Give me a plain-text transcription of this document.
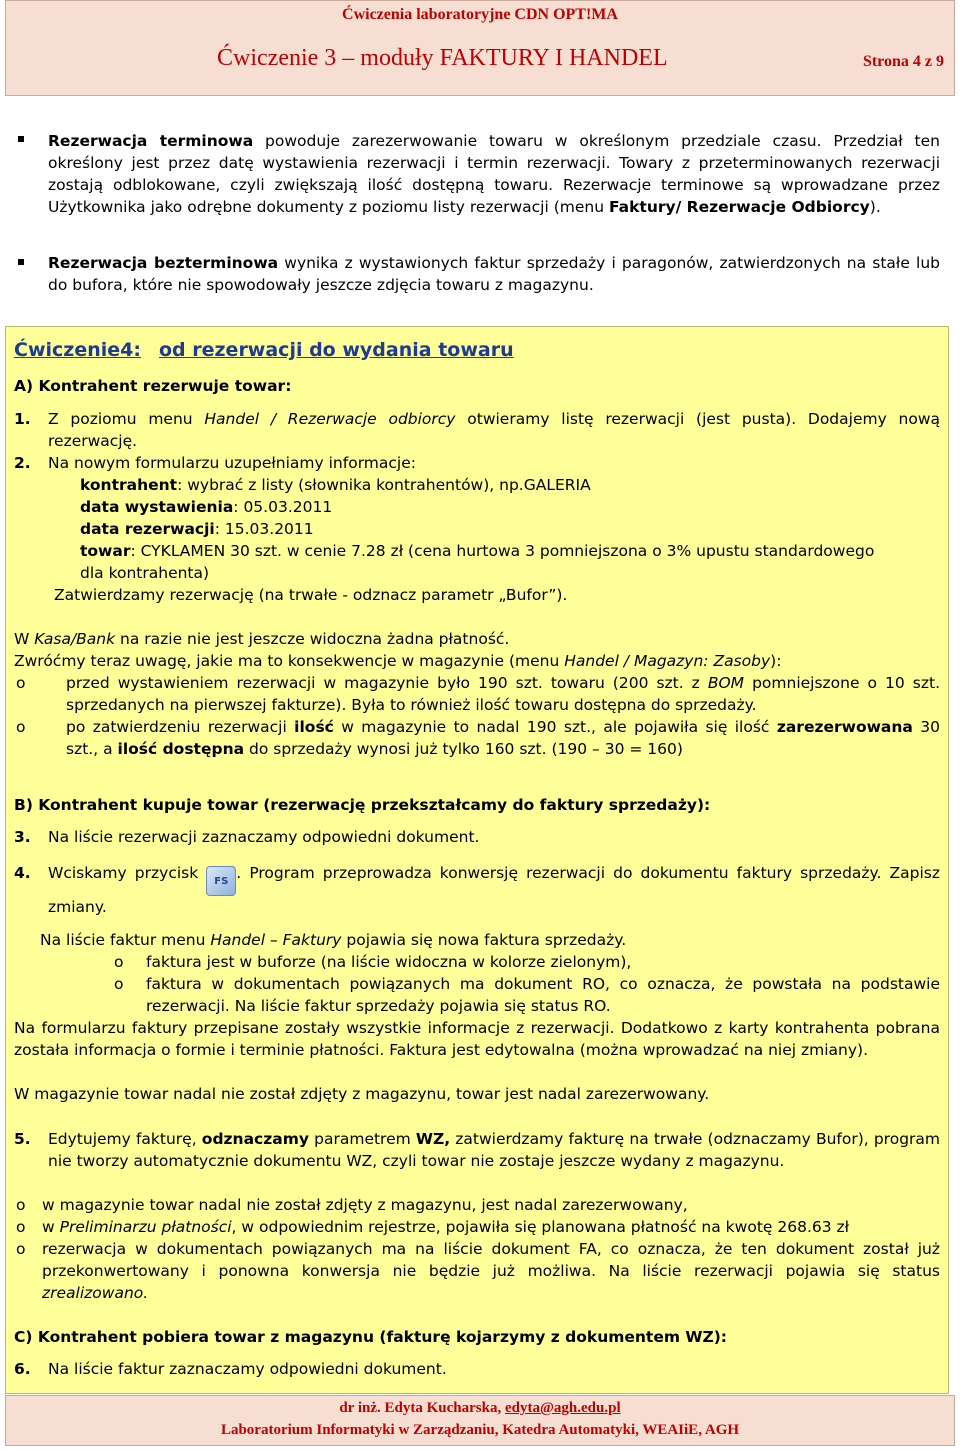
Ćwiczenia laboratoryjne CDN OPT!MA
Ćwiczenie 3 – moduły FAKTURY I HANDEL	Strona 4 z 9
Rezerwacja terminowa powoduje zarezerwowanie towaru w określonym przedziale czasu. Przedział ten określony jest przez datę wystawienia rezerwacji i termin rezerwacji. Towary z przeterminowanych rezerwacji zostają odblokowane, czyli zwiększają ilość dostępną towaru. Rezerwacje terminowe są wprowadzane przez Użytkownika jako odrębne dokumenty z poziomu listy rezerwacji (menu Faktury/ Rezerwacje Odbiorcy).
Rezerwacja bezterminowa wynika z wystawionych faktur sprzedaży i paragonów, zatwierdzonych na stałe lub do bufora, które nie spowodowały jeszcze zdjęcia towaru z magazynu.
Ćwiczenie4: od rezerwacji do wydania towaru
A) Kontrahent rezerwuje towar:
1. Z poziomu menu Handel / Rezerwacje odbiorcy otwieramy listę rezerwacji (jest pusta). Dodajemy nową rezerwację.
2. Na nowym formularzu uzupełniamy informacje:
kontrahent: wybrać z listy (słownika kontrahentów), np.GALERIA
data wystawienia: 05.03.2011
data rezerwacji: 15.03.2011
towar: CYKLAMEN 30 szt. w cenie 7.28 zł (cena hurtowa 3 pomniejszona o 3% upustu standardowego
dla kontrahenta)
Zatwierdzamy rezerwację (na trwałe - odznacz parametr „Bufor”).
W Kasa/Bank na razie nie jest jeszcze widoczna żadna płatność.
Zwróćmy teraz uwagę, jakie ma to konsekwencje w magazynie (menu Handel / Magazyn: Zasoby):
o	przed wystawieniem rezerwacji w magazynie było 190 szt. towaru (200 szt. z BOM pomniejszone o 10 szt. sprzedanych na pierwszej fakturze). Była to również ilość towaru dostępna do sprzedaży.
o	po zatwierdzeniu rezerwacji ilość w magazynie to nadal 190 szt., ale pojawiła się ilość zarezerwowana 30 szt., a ilość dostępna do sprzedaży wynosi już tylko 160 szt. (190 – 30 = 160)
B) Kontrahent kupuje towar (rezerwację przekształcamy do faktury sprzedaży):
3. Na liście rezerwacji zaznaczamy odpowiedni dokument.
4. Wciskamy przycisk FS . Program przeprowadza konwersję rezerwacji do dokumentu faktury sprzedaży. Zapisz zmiany.
Na liście faktur menu Handel – Faktury pojawia się nowa faktura sprzedaży.
o faktura jest w buforze (na liście widoczna w kolorze zielonym),
o faktura w dokumentach powiązanych ma dokument RO, co oznacza, że powstała na podstawie rezerwacji. Na liście faktur sprzedaży pojawia się status RO.
Na formularzu faktury przepisane zostały wszystkie informacje z rezerwacji. Dodatkowo z karty kontrahenta pobrana została informacja o formie i terminie płatności. Faktura jest edytowalna (można wprowadzać na niej zmiany).
W magazynie towar nadal nie został zdjęty z magazynu, towar jest nadal zarezerwowany.
5. Edytujemy fakturę, odznaczamy parametrem WZ, zatwierdzamy fakturę na trwałe (odznaczamy Bufor), program nie tworzy automatycznie dokumentu WZ, czyli towar nie zostaje jeszcze wydany z magazynu.
o w magazynie towar nadal nie został zdjęty z magazynu, jest nadal zarezerwowany,
o w Preliminarzu płatności, w odpowiednim rejestrze, pojawiła się planowana płatność na kwotę 268.63 zł
o rezerwacja w dokumentach powiązanych ma na liście dokument FA, co oznacza, że ten dokument został już przekonwertowany i ponowna konwersja nie będzie już możliwa. Na liście rezerwacji pojawia się status zrealizowano.
C) Kontrahent pobiera towar z magazynu (fakturę kojarzymy z dokumentem WZ):
6. Na liście faktur zaznaczamy odpowiedni dokument.
dr inż. Edyta Kucharska, edyta@agh.edu.pl
Laboratorium Informatyki w Zarządzaniu, Katedra Automatyki, WEAIiE, AGH
